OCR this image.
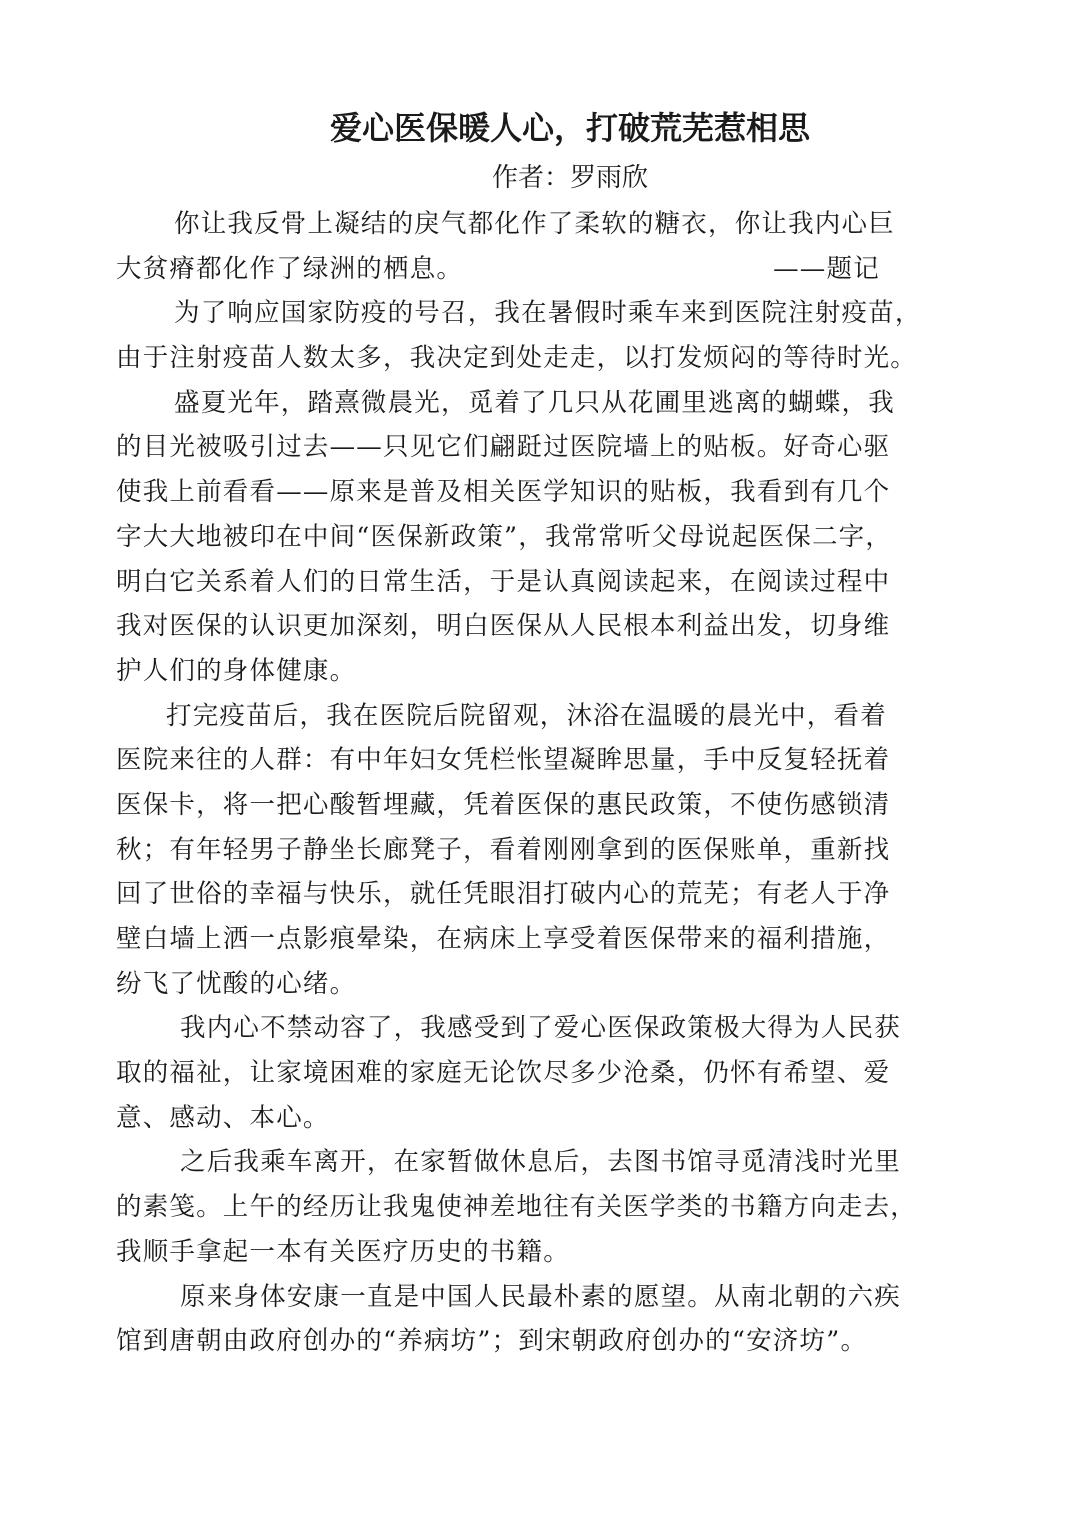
爱心医保暖人心，打破荒芜惹相思
作者：罗雨欣
你让我反骨上凝结的戾气都化作了柔软的糖衣，你让我内心巨
大贫瘠都化作了绿洲的栖息。	——题记
为了响应国家防疫的号召，我在暑假时乘车来到医院注射疫苗，
由于注射疫苗人数太多，我决定到处走走，以打发烦闷的等待时光。
盛夏光年，踏熹微晨光，觅着了几只从花圃里逃离的蝴蝶，我
的目光被吸引过去——只见它们翩跹过医院墙上的贴板。好奇心驱
使我上前看看——原来是普及相关医学知识的贴板，我看到有几个
字大大地被印在中间“医保新政策”，我常常听父母说起医保二字，
明白它关系着人们的日常生活，于是认真阅读起来，在阅读过程中
我对医保的认识更加深刻，明白医保从人民根本利益出发，切身维
护人们的身体健康。
打完疫苗后，我在医院后院留观，沐浴在温暖的晨光中，看着
医院来往的人群：有中年妇女凭栏怅望凝眸思量，手中反复轻抚着
医保卡，将一把心酸暂埋藏，凭着医保的惠民政策，不使伤感锁清
秋；有年轻男子静坐长廊凳子，看着刚刚拿到的医保账单，重新找
回了世俗的幸福与快乐，就任凭眼泪打破内心的荒芜；有老人于净
壁白墙上洒一点影痕晕染，在病床上享受着医保带来的福利措施，
纷飞了忧酸的心绪。
我内心不禁动容了，我感受到了爱心医保政策极大得为人民获
取的福祉，让家境困难的家庭无论饮尽多少沧桑，仍怀有希望、爱
意、感动、本心。
之后我乘车离开，在家暂做休息后，去图书馆寻觅清浅时光里
的素笺。上午的经历让我鬼使神差地往有关医学类的书籍方向走去，
我顺手拿起一本有关医疗历史的书籍。
原来身体安康一直是中国人民最朴素的愿望。从南北朝的六疾
馆到唐朝由政府创办的“养病坊”；到宋朝政府创办的“安济坊”。
